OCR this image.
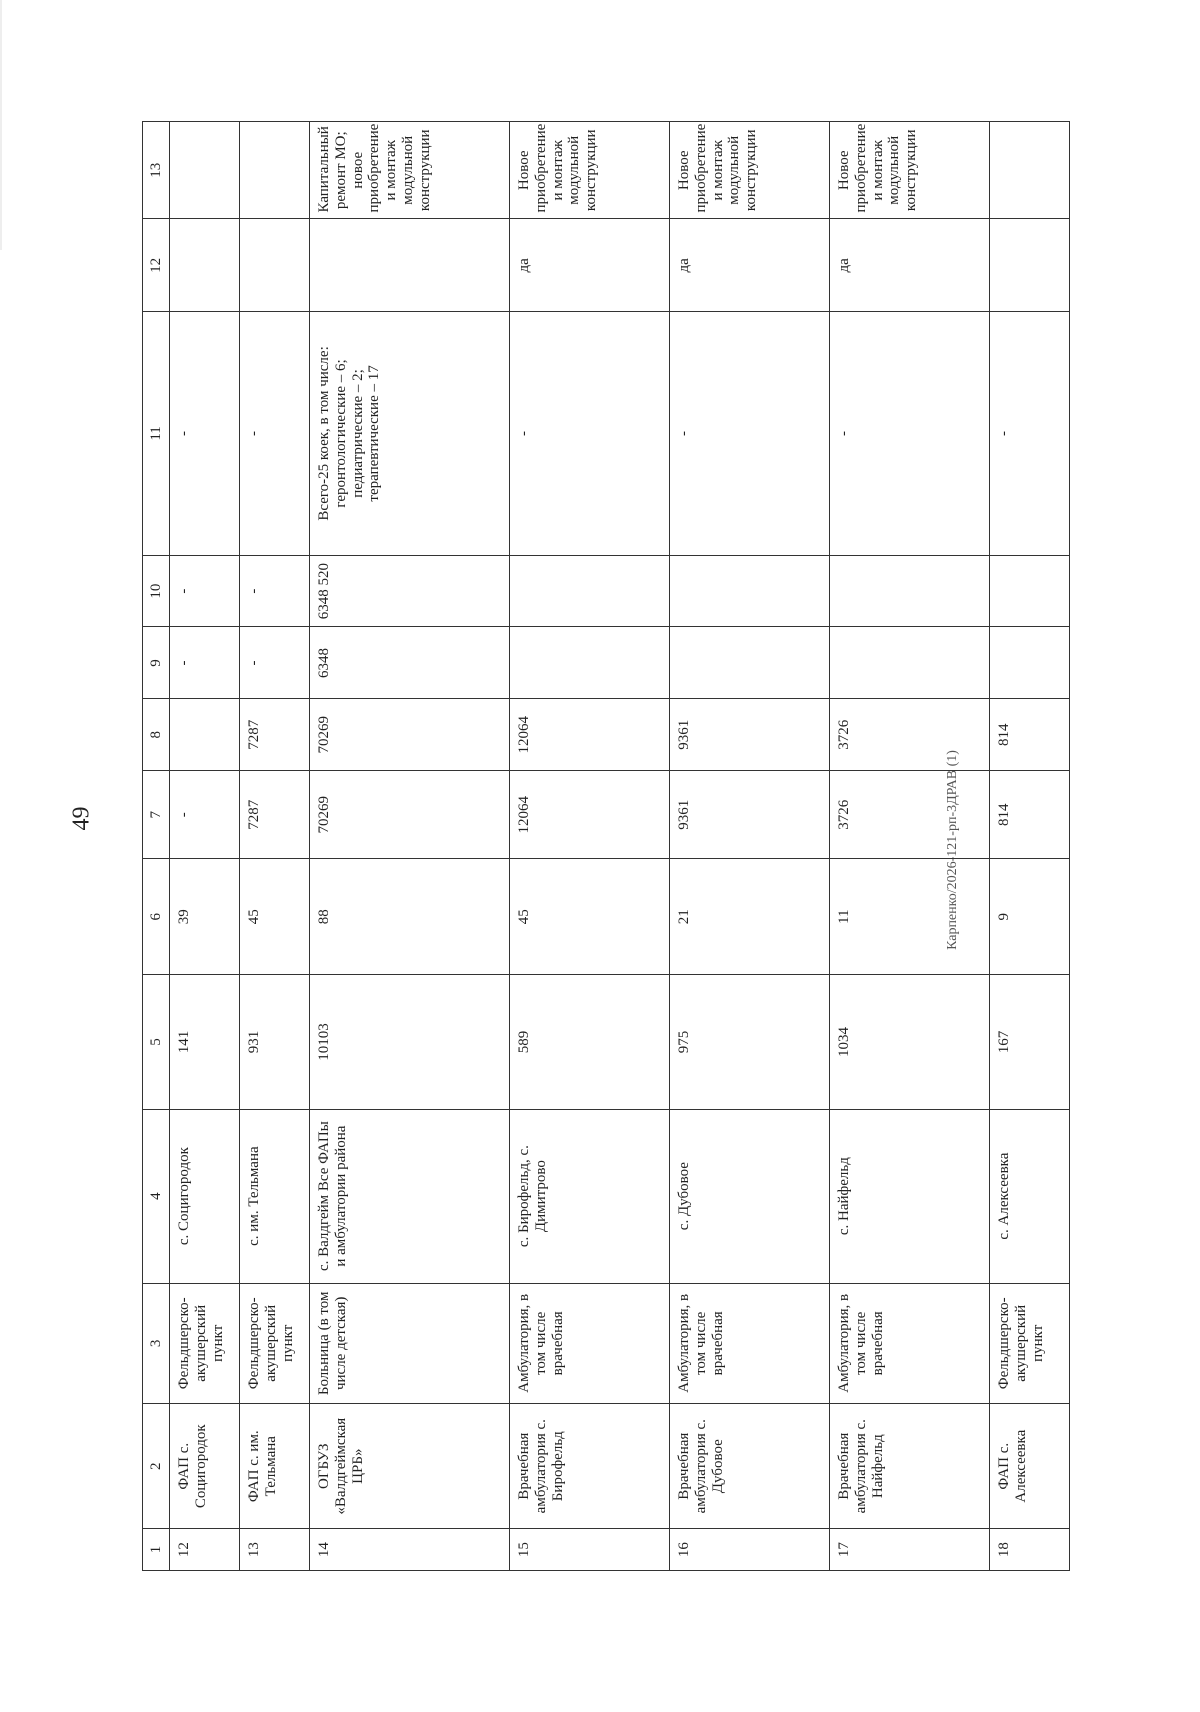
49	Карпенко/2026-121-рп-3ДРАВ (1)
1	2	3	4	5	6	7	8	9	10	11	12	13
12	ФАП с. Социгородок	Фельдшерско-акушерский пункт	с. Социгородок	141	39	-		-	-	-		
13	ФАП с. им. Тельмана	Фельдшерско-акушерский пункт	с. им. Тельмана	931	45	7287	7287	-	-	-		
14	ОГБУЗ «Валдгеймская ЦРБ»	Больница (в том числе детская)	с. Валдгейм Все ФАПы и амбулатории района	10103	88	70269	70269	6348	6348 520	Всего-25 коек, в том числе: геронтологические – 6; педиатрические – 2; терапевтические – 17		Капитальный ремонт МО; новое приобретение и монтаж модульной конструкции
15	Врачебная амбулатория с. Бирофельд	Амбулатория, в том числе врачебная	с. Бирофельд, с. Димитрово	589	45	12064	12064			-	да	Новое приобретение и монтаж модульной конструкции
16	Врачебная амбулатория с. Дубовое	Амбулатория, в том числе врачебная	с. Дубовое	975	21	9361	9361			-	да	Новое приобретение и монтаж модульной конструкции
17	Врачебная амбулатория с. Найфельд	Амбулатория, в том числе врачебная	с. Найфельд	1034	11	3726	3726			-	да	Новое приобретение и монтаж модульной конструкции
18	ФАП с. Алексеевка	Фельдшерско-акушерский пункт	с. Алексеевка	167	9	814	814			-		
